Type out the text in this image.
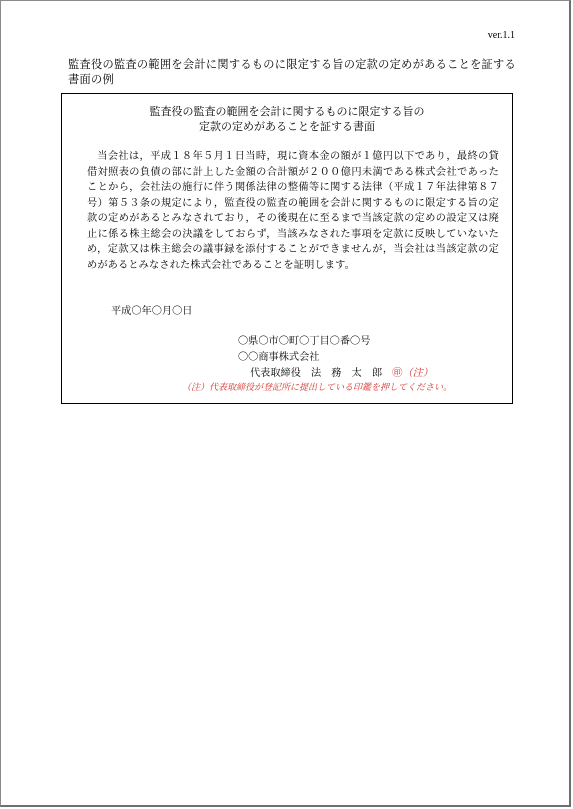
ver.1.1
監査役の監査の範囲を会計に関するものに限定する旨の定款の定めがあることを証する書面の例
監査役の監査の範囲を会計に関するものに限定する旨の
定款の定めがあることを証する書面
当会社は，平成１８年５月１日当時，現に資本金の額が１億円以下であり，最終の貸借対照表の負債の部に計上した金額の合計額が２００億円未満である株式会社であったことから，会社法の施行に伴う関係法律の整備等に関する法律（平成１７年法律第８７号）第５３条の規定により，監査役の監査の範囲を会計に関するものに限定する旨の定款の定めがあるとみなされており，その後現在に至るまで当該定款の定めの設定又は廃止に係る株主総会の決議をしておらず，当該みなされた事項を定款に反映していないため，定款又は株主総会の議事録を添付することができませんが，当会社は当該定款の定めがあるとみなされた株式会社であることを証明します。
平成〇年〇月〇日
〇県〇市〇町〇丁目〇番〇号
〇〇商事株式会社
代表取締役 法　務　太　郎 ㊞（注）
（注）代表取締役が登記所に提出している印鑑を押してください。
